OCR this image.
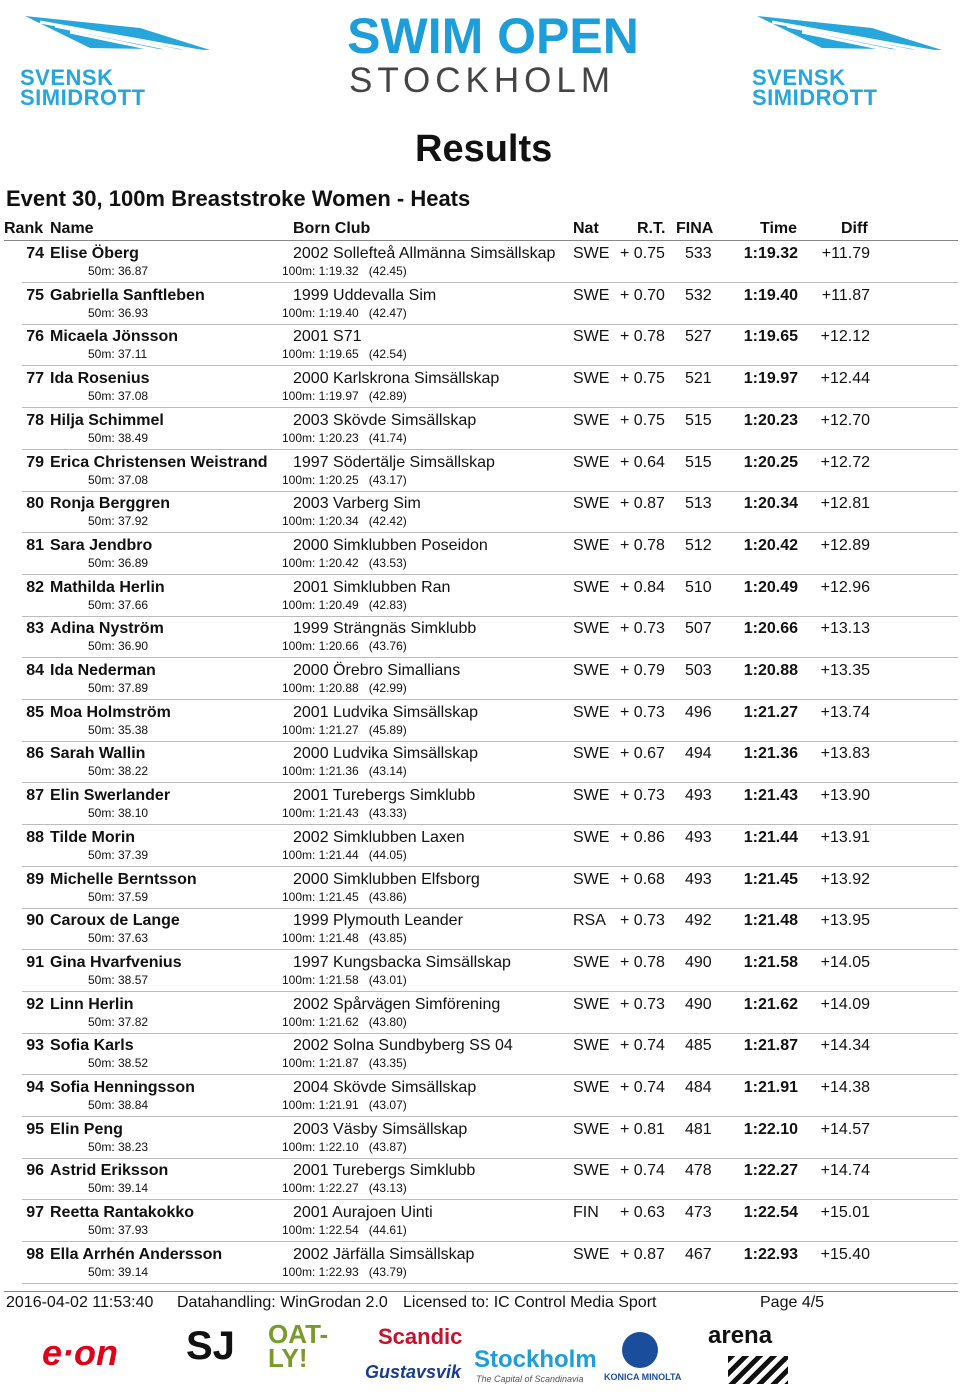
SVENSK SIMIDROTT
SWIM OPEN
STOCKHOLM	SVENSK SIMIDROTT
Results
Event 30, 100m Breaststroke Women - Heats
Rank Name	Born Club	Nat R.T. FINA	Time	Diff
74 Elise Öberg	2002 Sollefteå Allmänna Simsällskap SWE + 0.75 533	1:19.32	+11.79
50m: 36.87	100m: 1:19.32 (42.45)
75 Gabriella Sanftleben	1999 Uddevalla Sim	SWE + 0.70 532	1:19.40	+11.87
50m: 36.93	100m: 1:19.40 (42.47)
76 Micaela Jönsson	2001 S71	SWE + 0.78 527	1:19.65	+12.12
50m: 37.11	100m: 1:19.65 (42.54)
77 Ida Rosenius	2000 Karlskrona Simsällskap	SWE + 0.75 521	1:19.97	+12.44
50m: 37.08	100m: 1:19.97 (42.89)
78 Hilja Schimmel	2003 Skövde Simsällskap	SWE + 0.75 515	1:20.23	+12.70
50m: 38.49	100m: 1:20.23 (41.74)
79 Erica Christensen Weistrand 1997 Södertälje Simsällskap	SWE + 0.64 515	1:20.25	+12.72
50m: 37.08	100m: 1:20.25 (43.17)
80 Ronja Berggren	2003 Varberg Sim	SWE + 0.87 513	1:20.34	+12.81
50m: 37.92	100m: 1:20.34 (42.42)
81 Sara Jendbro	2000 Simklubben Poseidon	SWE + 0.78 512	1:20.42	+12.89
50m: 36.89	100m: 1:20.42 (43.53)
82 Mathilda Herlin	2001 Simklubben Ran	SWE + 0.84 510	1:20.49	+12.96
50m: 37.66	100m: 1:20.49 (42.83)
83 Adina Nyström	1999 Strängnäs Simklubb	SWE + 0.73 507	1:20.66	+13.13
50m: 36.90	100m: 1:20.66 (43.76)
84 Ida Nederman	2000 Örebro Simallians	SWE + 0.79 503	1:20.88	+13.35
50m: 37.89	100m: 1:20.88 (42.99)
85 Moa Holmström	2001 Ludvika Simsällskap	SWE + 0.73 496	1:21.27	+13.74
50m: 35.38	100m: 1:21.27 (45.89)
86 Sarah Wallin	2000 Ludvika Simsällskap	SWE + 0.67 494	1:21.36	+13.83
50m: 38.22	100m: 1:21.36 (43.14)
87 Elin Swerlander	2001 Turebergs Simklubb	SWE + 0.73 493	1:21.43	+13.90
50m: 38.10	100m: 1:21.43 (43.33)
88 Tilde Morin	2002 Simklubben Laxen	SWE + 0.86 493	1:21.44	+13.91
50m: 37.39	100m: 1:21.44 (44.05)
89 Michelle Berntsson	2000 Simklubben Elfsborg	SWE + 0.68 493	1:21.45	+13.92
50m: 37.59	100m: 1:21.45 (43.86)
90 Caroux de Lange	1999 Plymouth Leander	RSA + 0.73 492	1:21.48	+13.95
50m: 37.63	100m: 1:21.48 (43.85)
91 Gina Hvarfvenius	1997 Kungsbacka Simsällskap	SWE + 0.78 490	1:21.58	+14.05
50m: 38.57	100m: 1:21.58 (43.01)
92 Linn Herlin	2002 Spårvägen Simförening	SWE + 0.73 490	1:21.62	+14.09
50m: 37.82	100m: 1:21.62 (43.80)
93 Sofia Karls	2002 Solna Sundbyberg SS 04	SWE + 0.74 485	1:21.87	+14.34
50m: 38.52	100m: 1:21.87 (43.35)
94 Sofia Henningsson	2004 Skövde Simsällskap	SWE + 0.74 484	1:21.91	+14.38
50m: 38.84	100m: 1:21.91 (43.07)
95 Elin Peng	2003 Väsby Simsällskap	SWE + 0.81 481	1:22.10	+14.57
50m: 38.23	100m: 1:22.10 (43.87)
96 Astrid Eriksson	2001 Turebergs Simklubb	SWE + 0.74 478	1:22.27	+14.74
50m: 39.14	100m: 1:22.27 (43.13)
97 Reetta Rantakokko	2001 Aurajoen Uinti	FIN + 0.63 473	1:22.54	+15.01
50m: 37.93	100m: 1:22.54 (44.61)
98 Ella Arrhén Andersson	2002 Järfälla Simsällskap	SWE + 0.87 467	1:22.93	+15.40
50m: 39.14	100m: 1:22.93 (43.79)
2016-04-02 11:53:40 Datahandling: WinGrodan 2.0 Licensed to: IC Control Media Sport	Page 4/5
e·on SJ OAT-LY!
Scandic
Gustavsvik Stockholm
The Capital of Scandinavia KONICA MINOLTA
arena
